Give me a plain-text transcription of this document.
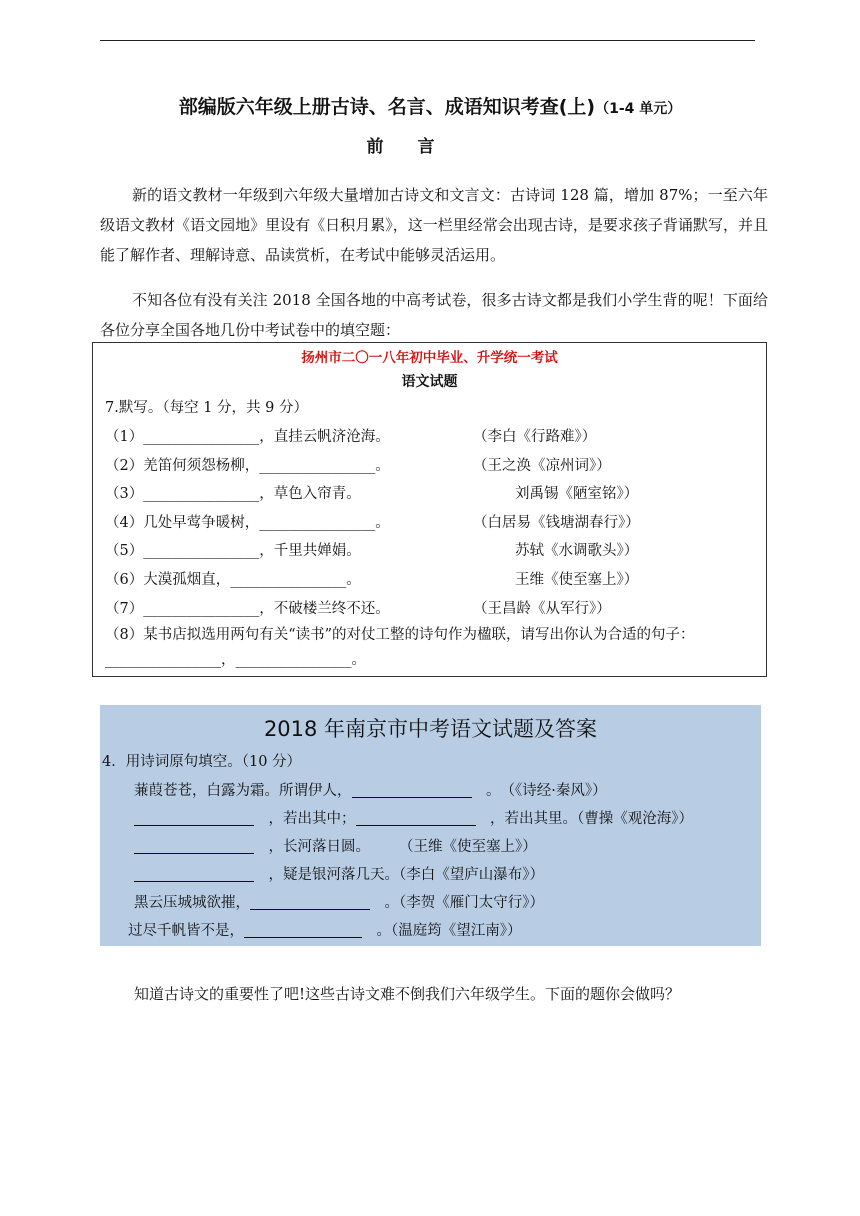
部编版六年级上册古诗、名言、成语知识考查(上)（1-4 单元）
前 言
新的语文教材一年级到六年级大量增加古诗文和文言文：古诗词 128 篇，增加 87%；一至六年级语文教材《语文园地》里设有《日积月累》，这一栏里经常会出现古诗，是要求孩子背诵默写，并且能了解作者、理解诗意、品读赏析，在考试中能够灵活运用。
不知各位有没有关注 2018 全国各地的中高考试卷，很多古诗文都是我们小学生背的呢！下面给各位分享全国各地几份中考试卷中的填空题：
扬州市二〇一八年初中毕业、升学统一考试
语文试题
7.默写。（每空 1 分，共 9 分）
（1）________________，直挂云帆济沧海。	（李白《行路难》）
（2）羌笛何须怨杨柳，________________。	（王之涣《凉州词》）
（3）________________，草色入帘青。	刘禹锡《陋室铭》）
（4）几处早莺争暖树，________________。	（白居易《钱塘湖春行》）
（5）________________，千里共婵娟。	苏轼《水调歌头》）
（6）大漠孤烟直，________________。	王维《使至塞上》）
（7）________________，不破楼兰终不还。	（王昌龄《从军行》）
（8）某书店拟选用两句有关“读书”的对仗工整的诗句作为楹联，请写出你认为合适的句子：________________，________________。
2018 年南京市中考语文试题及答案
4．用诗词原句填空。（10 分）
蒹葭苍苍，白露为霜。所谓伊人，	　。　（《诗经·秦风》）
　，若出其中；	　，若出其里。（曹操《观沧海》）
　，长河落日圆。　　　（王维《使至塞上》）
　，疑是银河落几天。（李白《望庐山瀑布》）
黑云压城城欲摧，	　。（李贺《雁门太守行》）
过尽千帆皆不是，	　。（温庭筠《望江南》）
知道古诗文的重要性了吧!这些古诗文难不倒我们六年级学生。下面的题你会做吗？
